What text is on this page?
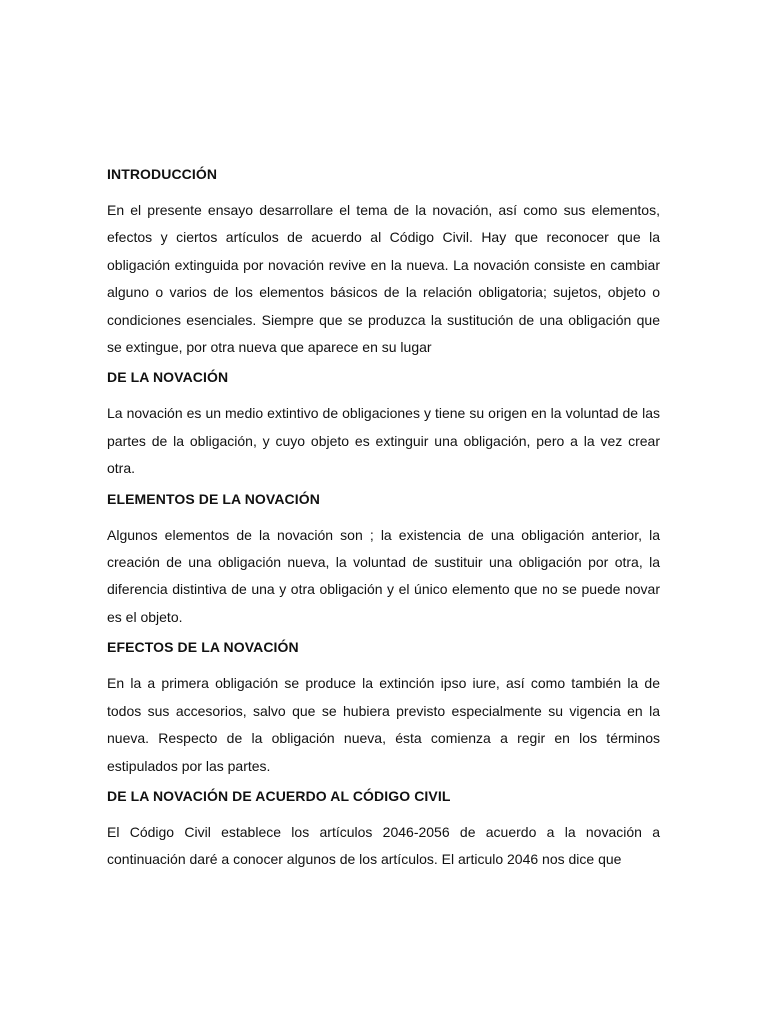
INTRODUCCIÓN

En el presente ensayo desarrollare el tema de la novación, así como sus elementos, efectos y ciertos artículos de acuerdo al Código Civil. Hay que reconocer que la obligación extinguida por novación revive en la nueva. La novación consiste en cambiar alguno o varios de los elementos básicos de la relación obligatoria; sujetos, objeto o condiciones esenciales. Siempre que se produzca la sustitución de una obligación que se extingue, por otra nueva que aparece en su lugar

DE LA NOVACIÓN

La novación es un medio extintivo de obligaciones y tiene su origen en la voluntad de las partes de la obligación, y cuyo objeto es extinguir una obligación, pero a la vez crear otra.

ELEMENTOS DE LA NOVACIÓN

Algunos elementos de la novación son ; la existencia de una obligación anterior, la creación de una obligación nueva, la voluntad de sustituir una obligación por otra, la diferencia distintiva de una y otra obligación y el único elemento que no se puede novar es el objeto.

EFECTOS DE LA NOVACIÓN

En la a primera obligación se produce la extinción ipso iure, así como también la de todos sus accesorios, salvo que se hubiera previsto especialmente su vigencia en la nueva. Respecto de la obligación nueva, ésta comienza a regir en los términos estipulados por las partes.

DE LA NOVACIÓN DE ACUERDO AL CÓDIGO CIVIL

El Código Civil establece los artículos 2046-2056 de acuerdo a la novación a continuación daré a conocer algunos de los artículos. El articulo 2046 nos dice que
